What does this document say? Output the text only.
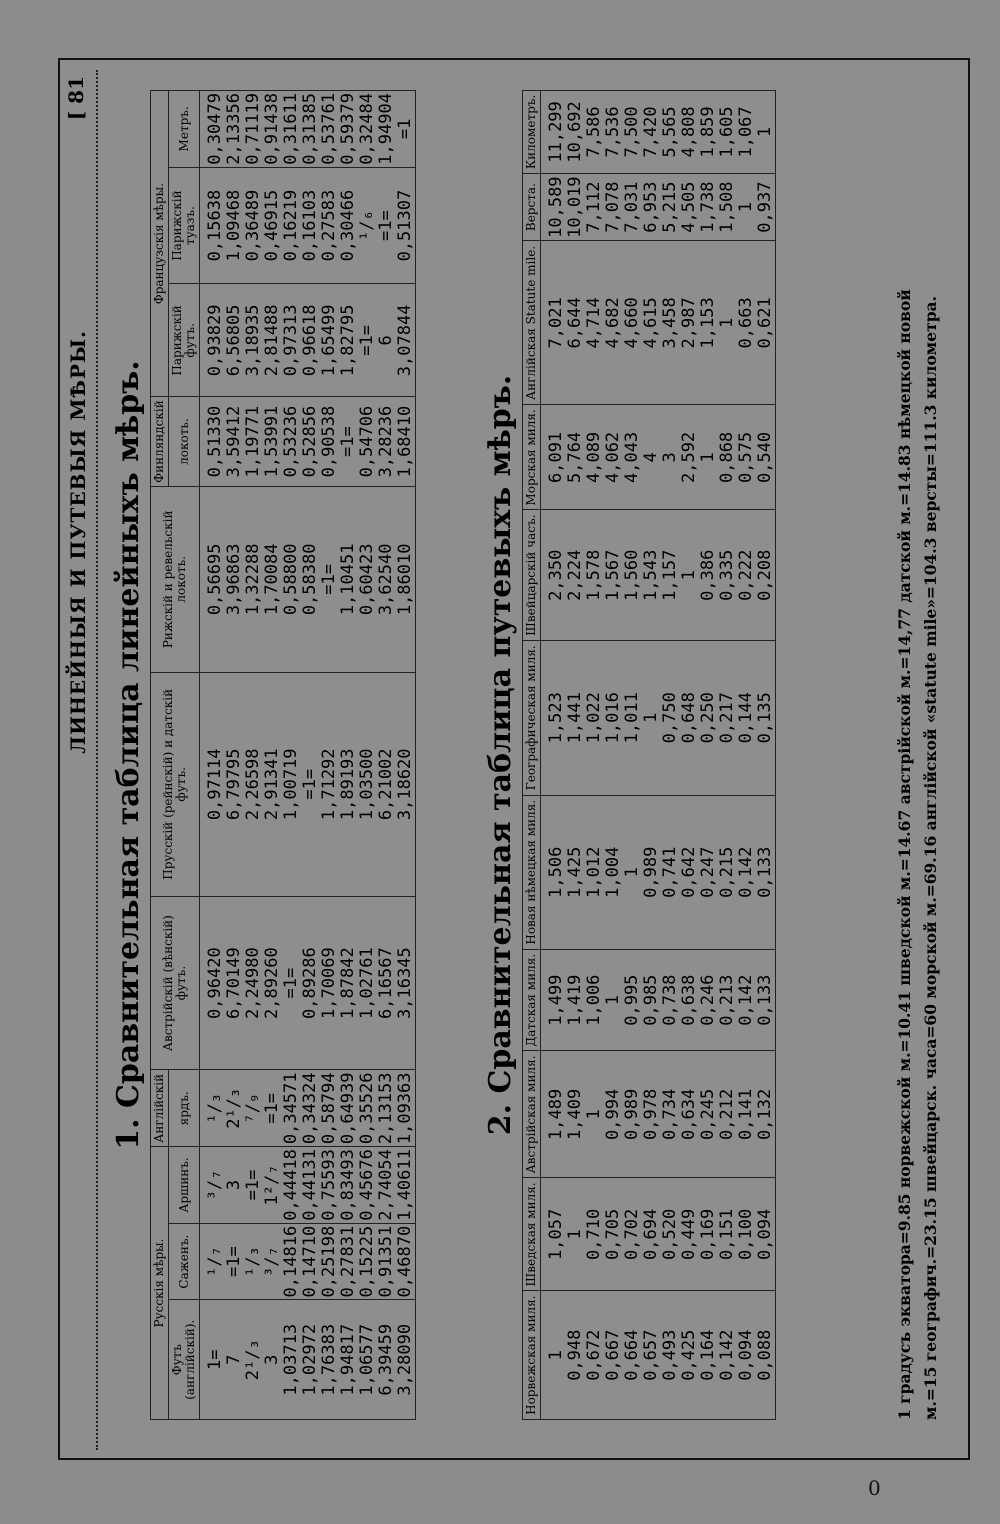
ЛИНЕЙНЫЯ И ПУТЕВЫЯ МѢРЫ.
[ 81
1. Сравнительная таблица линейныхъ мѣръ.
Русскія мѣры.			Англійскій	Австрійскій (вѣнскій) футъ.	Прусскій (рейнскій) и датскій футъ.	Рижскій и ревельскій локоть.	Финляндскій	Французскія мѣры.		
Футъ (англійскій).	Саженъ.	Аршинъ.	ярдъ.				локоть.	Парижскій футъ.	Парижскій туазъ.	Метръ.
1=	¹/₇	³/₇	¹/₃	0,96420	0,97114	0,56695	0,51330	0,93829	0,15638	0,30479
7	=1=	3	2¹/₃	6,70149	6,79795	3,96863	3,59412	6,56805	1,09468	2,13356
2¹/₃	¹/₃	=1=	⁷/₉	2,24980	2,26598	1,32288	1,19771	3,18935	0,36489	0,71119
3	³/₇	1²/₇	=1=	2,89260	2,91341	1,70084	1,53991	2,81488	0,46915	0,91438
1,03713	0,14816	0,44418	0,34571	=1=	1,00719	0,58800	0,53236	0,97313	0,16219	0,31611
1,02972	0,14710	0,44131	0,34324	0,89286	=1=	0,58380	0,52856	0,96618	0,16103	0,31385
1,76383	0,25198	0,75593	0,58794	1,70069	1,71292	=1=	0,90538	1,65499	0,27583	0,53761
1,94817	0,27831	0,83493	0,64939	1,87842	1,89193	1,10451	=1=	1,82795	0,30466	0,59379
1,06577	0,15225	0,45676	0,35526	1,02761	1,03500	0,60423	0,54706	=1=	¹/₆	0,32484
6,39459	0,91351	2,74054	2,13153	6,16567	6,21002	3,62540	3,28236	6	=1=	1,94904
3,28090	0,46870	1,40611	1,09363	3,16345	3,18620	1,86010	1,68410	3,07844	0,51307	=1
2. Сравнительная таблица путевыхъ мѣръ.
Норвежская миля.	Шведская миля.	Австрійская миля.	Датская миля.	Новая нѣмецкая миля.	Географическая миля.	Швейцарскій часъ.	Морская миля.	Англійская Statute mile.	Верста.	Километръ.
1	1,057	1,489	1,499	1,506	1,523	2,350	6,091	7,021	10,589	11,299
0,948	1	1,409	1,419	1,425	1,441	2,224	5,764	6,644	10,019	10,692
0,672	0,710	1	1,006	1,012	1,022	1,578	4,089	4,714	7,112	7,586
0,667	0,705	0,994	1	1,004	1,016	1,567	4,062	4,682	7,078	7,536
0,664	0,702	0,989	0,995	1	1,011	1,560	4,043	4,660	7,031	7,500
0,657	0,694	0,978	0,985	0,989	1	1,543	4	4,615	6,953	7,420
0,493	0,520	0,734	0,738	0,741	0,750	1,157	3	3,458	5,215	5,565
0,425	0,449	0,634	0,638	0,642	0,648	1	2,592	2,987	4,505	4,808
0,164	0,169	0,245	0,246	0,247	0,250	0,386	1	1,153	1,738	1,859
0,142	0,151	0,212	0,213	0,215	0,217	0,335	0,868	1	1,508	1,605
0,094	0,100	0,141	0,142	0,142	0,144	0,222	0,575	0,663	1	1,067
0,088	0,094	0,132	0,133	0,133	0,135	0,208	0,540	0,621	0,937	1
1 градусъ экватора=9.85 норвежской м.=10.41 шведской м.=14.67 австрійской м.=14,77 датской м.=14.83 нѣмецкой новой м.=15 географич.=23.15 швейцарск. часа=60 морской м.=69.16 англійской «statute mile»=104.3 версты=111.3 километра.
0
